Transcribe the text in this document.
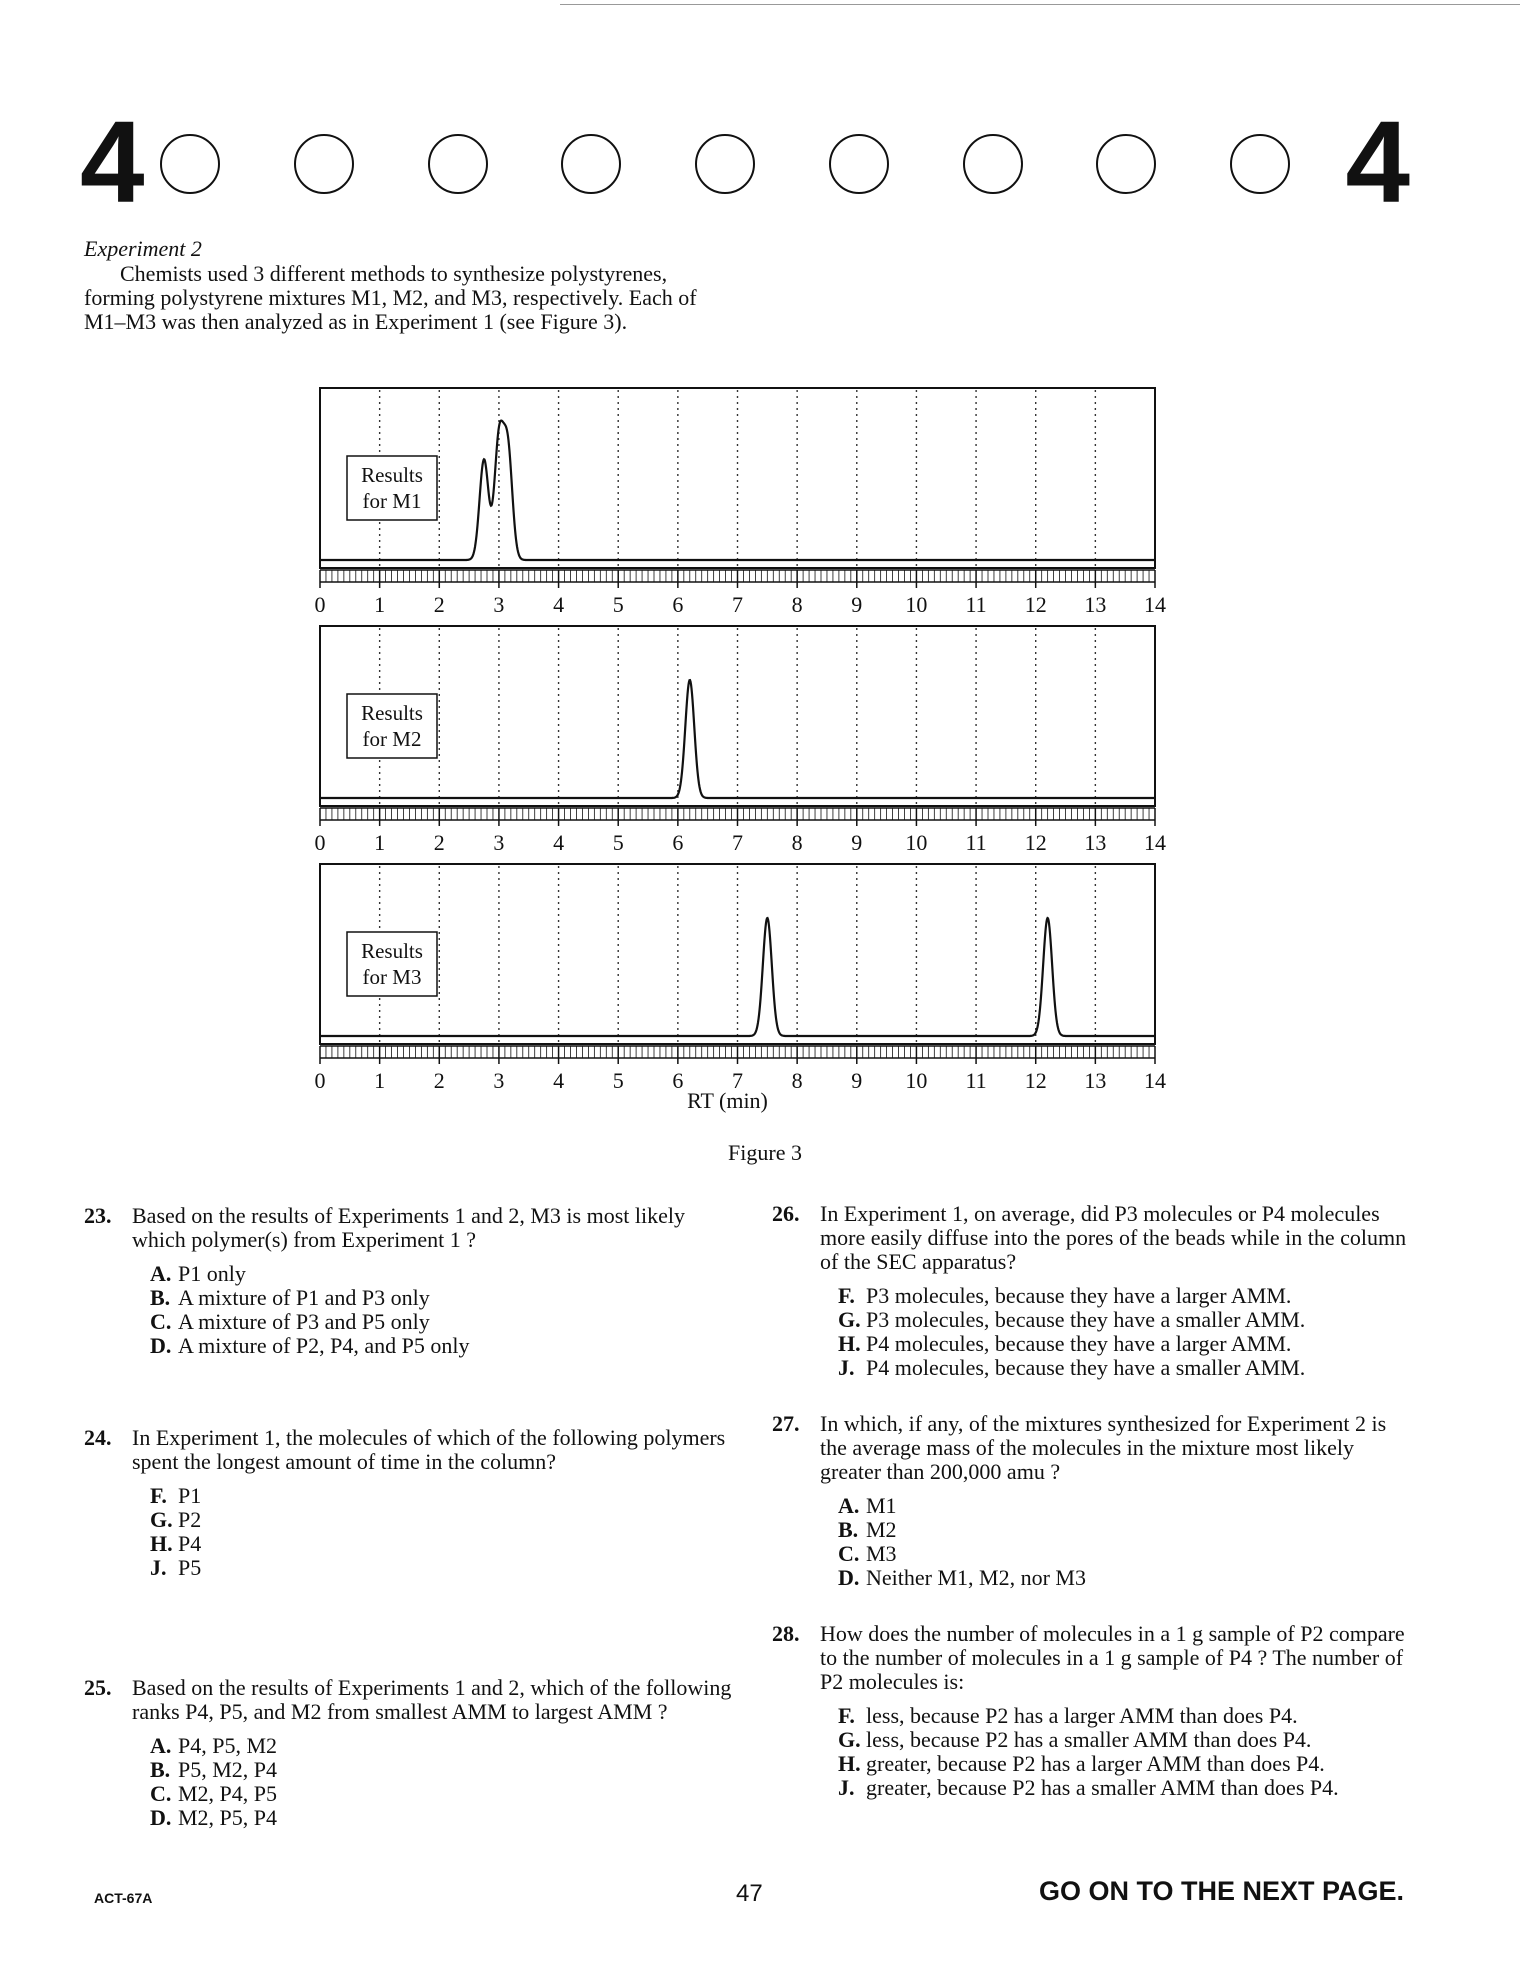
4	4
Experiment 2

Chemists used 3 different methods to synthesize polystyrenes, forming polystyrene mixtures M1, M2, and M3, respectively. Each of M1–M3 was then analyzed as in Experiment 1 (see Figure 3).

0 1 2 3 4 5 6 7 8 9 10 11 12 13 14
Results
for M1
0 1 2 3 4 5 6 7 8 9 10 11 12 13 14
Results
for M2
0 1 2 3 4 5 6 7 8 9 10 11 12 13 14
Results
for M3
RT (min)
Figure 3
23. Based on the results of Experiments 1 and 2, M3 is most likely which polymer(s) from Experiment 1 ?
A. P1 only
B. A mixture of P1 and P3 only
C. A mixture of P3 and P5 only
D. A mixture of P2, P4, and P5 only
24. In Experiment 1, the molecules of which of the following polymers spent the longest amount of time in the column?
F. P1
G. P2
H. P4
J. P5
25. Based on the results of Experiments 1 and 2, which of the following ranks P4, P5, and M2 from smallest AMM to largest AMM ?
A. P4, P5, M2
B. P5, M2, P4
C. M2, P4, P5
D. M2, P5, P4
26. In Experiment 1, on average, did P3 molecules or P4 molecules more easily diffuse into the pores of the beads while in the column of the SEC apparatus?
F. P3 molecules, because they have a larger AMM.
G. P3 molecules, because they have a smaller AMM.
H. P4 molecules, because they have a larger AMM.
J. P4 molecules, because they have a smaller AMM.
27. In which, if any, of the mixtures synthesized for Experiment 2 is the average mass of the molecules in the mixture most likely greater than 200,000 amu ?
A. M1
B. M2
C. M3
D. Neither M1, M2, nor M3
28. How does the number of molecules in a 1 g sample of P2 compare to the number of molecules in a 1 g sample of P4 ? The number of P2 molecules is:
F. less, because P2 has a larger AMM than does P4.
G. less, because P2 has a smaller AMM than does P4.
H. greater, because P2 has a larger AMM than does P4.
J. greater, because P2 has a smaller AMM than does P4.
ACT-67A	47	GO ON TO THE NEXT PAGE.
